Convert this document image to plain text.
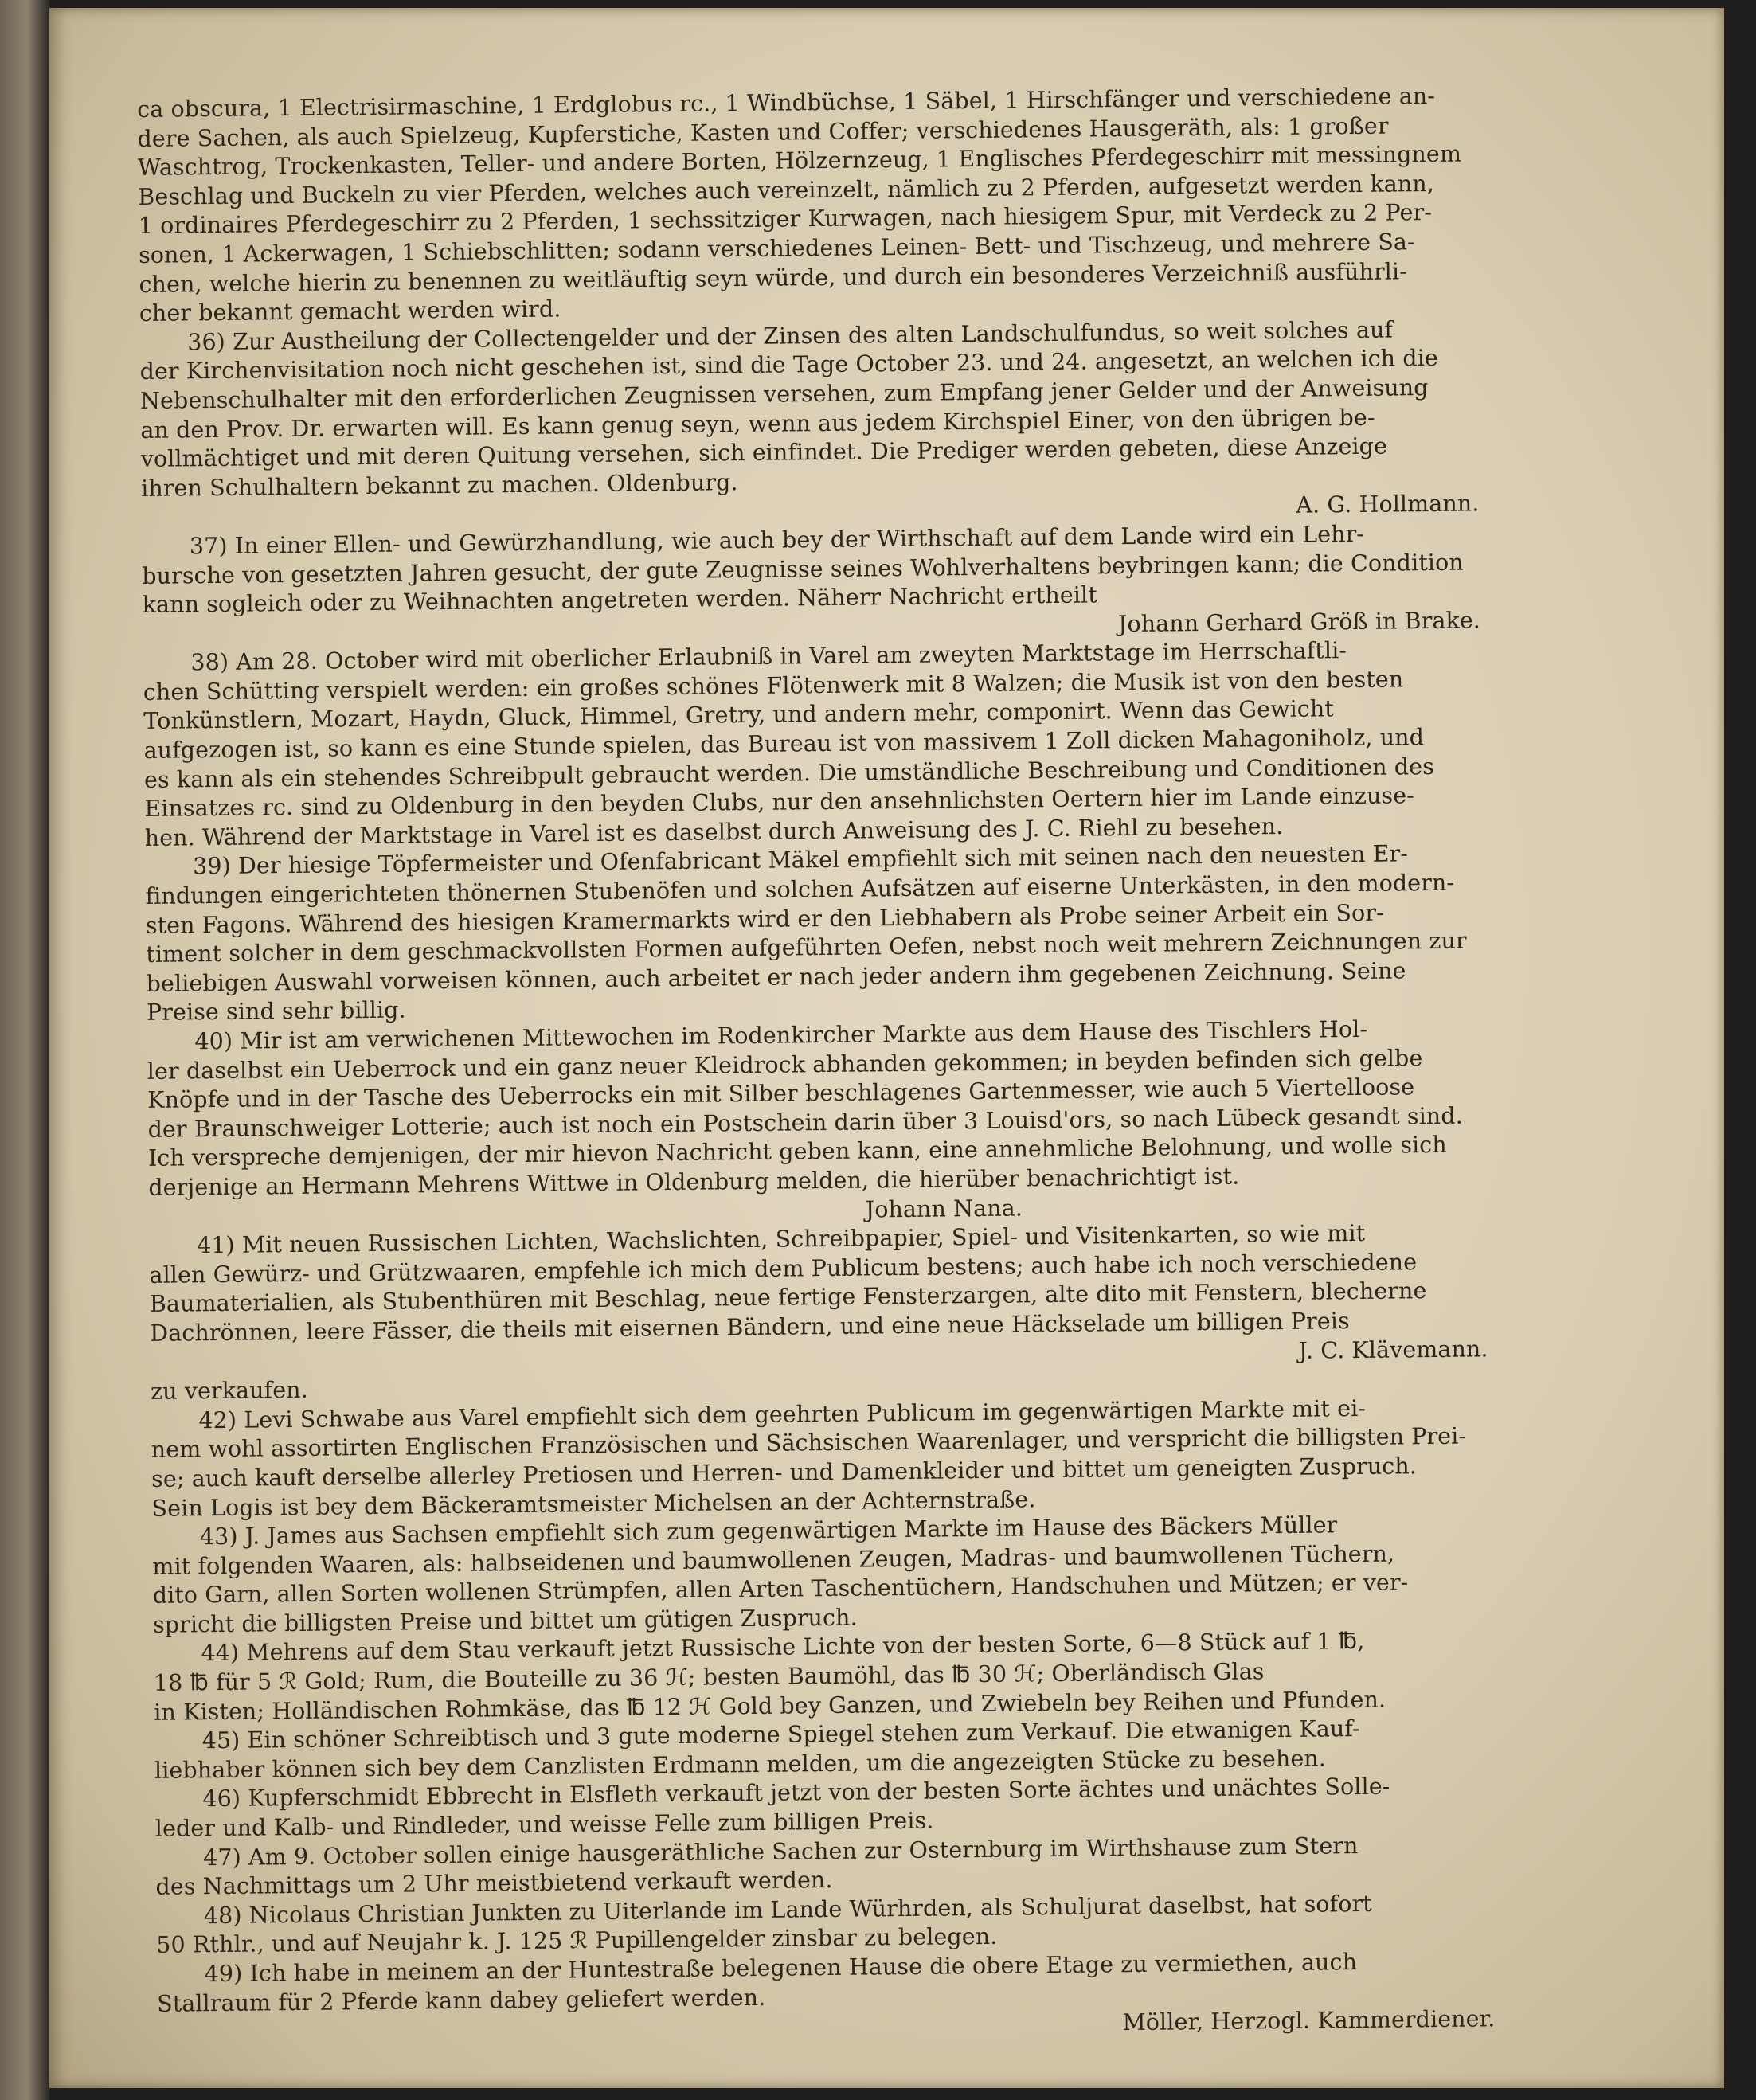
ca obscura, 1 Electrisirmaschine, 1 Erdglobus rc., 1 Windbüchse, 1 Säbel, 1 Hirschfänger und verschiedene an-
dere Sachen, als auch Spielzeug, Kupferstiche, Kasten und Coffer; verschiedenes Hausgeräth, als: 1 großer
Waschtrog, Trockenkasten, Teller- und andere Borten, Hölzernzeug, 1 Englisches Pferdegeschirr mit messingnem
Beschlag und Buckeln zu vier Pferden, welches auch vereinzelt, nämlich zu 2 Pferden, aufgesetzt werden kann,
1 ordinaires Pferdegeschirr zu 2 Pferden, 1 sechssitziger Kurwagen, nach hiesigem Spur, mit Verdeck zu 2 Per-
sonen, 1 Ackerwagen, 1 Schiebschlitten; sodann verschiedenes Leinen- Bett- und Tischzeug, und mehrere Sa-
chen, welche hierin zu benennen zu weitläuftig seyn würde, und durch ein besonderes Verzeichniß ausführli-
cher bekannt gemacht werden wird.
36) Zur Austheilung der Collectengelder und der Zinsen des alten Landschulfundus, so weit solches auf
der Kirchenvisitation noch nicht geschehen ist, sind die Tage October 23. und 24. angesetzt, an welchen ich die
Nebenschulhalter mit den erforderlichen Zeugnissen versehen, zum Empfang jener Gelder und der Anweisung
an den Prov. Dr. erwarten will. Es kann genug seyn, wenn aus jedem Kirchspiel Einer, von den übrigen be-
vollmächtiget und mit deren Quitung versehen, sich einfindet. Die Prediger werden gebeten, diese Anzeige
ihren Schulhaltern bekannt zu machen. Oldenburg.
A. G. Hollmann.
37) In einer Ellen- und Gewürzhandlung, wie auch bey der Wirthschaft auf dem Lande wird ein Lehr-
bursche von gesetzten Jahren gesucht, der gute Zeugnisse seines Wohlverhaltens beybringen kann; die Condition
kann sogleich oder zu Weihnachten angetreten werden. Näherr Nachricht ertheilt
Johann Gerhard Größ in Brake.
38) Am 28. October wird mit oberlicher Erlaubniß in Varel am zweyten Marktstage im Herrschaftli-
chen Schütting verspielt werden: ein großes schönes Flötenwerk mit 8 Walzen; die Musik ist von den besten
Tonkünstlern, Mozart, Haydn, Gluck, Himmel, Gretry, und andern mehr, componirt. Wenn das Gewicht
aufgezogen ist, so kann es eine Stunde spielen, das Bureau ist von massivem 1 Zoll dicken Mahagoniholz, und
es kann als ein stehendes Schreibpult gebraucht werden. Die umständliche Beschreibung und Conditionen des
Einsatzes rc. sind zu Oldenburg in den beyden Clubs, nur den ansehnlichsten Oertern hier im Lande einzuse-
hen. Während der Marktstage in Varel ist es daselbst durch Anweisung des J. C. Riehl zu besehen.
39) Der hiesige Töpfermeister und Ofenfabricant Mäkel empfiehlt sich mit seinen nach den neuesten Er-
findungen eingerichteten thönernen Stubenöfen und solchen Aufsätzen auf eiserne Unterkästen, in den modern-
sten Fagons. Während des hiesigen Kramermarkts wird er den Liebhabern als Probe seiner Arbeit ein Sor-
timent solcher in dem geschmackvollsten Formen aufgeführten Oefen, nebst noch weit mehrern Zeichnungen zur
beliebigen Auswahl vorweisen können, auch arbeitet er nach jeder andern ihm gegebenen Zeichnung. Seine
Preise sind sehr billig.
40) Mir ist am verwichenen Mittewochen im Rodenkircher Markte aus dem Hause des Tischlers Hol-
ler daselbst ein Ueberrock und ein ganz neuer Kleidrock abhanden gekommen; in beyden befinden sich gelbe
Knöpfe und in der Tasche des Ueberrocks ein mit Silber beschlagenes Gartenmesser, wie auch 5 Viertelloose
der Braunschweiger Lotterie; auch ist noch ein Postschein darin über 3 Louisd'ors, so nach Lübeck gesandt sind.
Ich verspreche demjenigen, der mir hievon Nachricht geben kann, eine annehmliche Belohnung, und wolle sich
derjenige an Hermann Mehrens Wittwe in Oldenburg melden, die hierüber benachrichtigt ist.
Johann Nana.
41) Mit neuen Russischen Lichten, Wachslichten, Schreibpapier, Spiel- und Visitenkarten, so wie mit
allen Gewürz- und Grützwaaren, empfehle ich mich dem Publicum bestens; auch habe ich noch verschiedene
Baumaterialien, als Stubenthüren mit Beschlag, neue fertige Fensterzargen, alte dito mit Fenstern, blecherne
Dachrönnen, leere Fässer, die theils mit eisernen Bändern, und eine neue Häckselade um billigen Preis
J. C. Klävemann.
zu verkaufen.
42) Levi Schwabe aus Varel empfiehlt sich dem geehrten Publicum im gegenwärtigen Markte mit ei-
nem wohl assortirten Englischen Französischen und Sächsischen Waarenlager, und verspricht die billigsten Prei-
se; auch kauft derselbe allerley Pretiosen und Herren- und Damenkleider und bittet um geneigten Zuspruch.
Sein Logis ist bey dem Bäckeramtsmeister Michelsen an der Achternstraße.
43) J. James aus Sachsen empfiehlt sich zum gegenwärtigen Markte im Hause des Bäckers Müller
mit folgenden Waaren, als: halbseidenen und baumwollenen Zeugen, Madras- und baumwollenen Tüchern,
dito Garn, allen Sorten wollenen Strümpfen, allen Arten Taschentüchern, Handschuhen und Mützen; er ver-
spricht die billigsten Preise und bittet um gütigen Zuspruch.
44) Mehrens auf dem Stau verkauft jetzt Russische Lichte von der besten Sorte, 6—8 Stück auf 1 ℔,
18 ℔ für 5 ℛ Gold; Rum, die Bouteille zu 36 ℋ; besten Baumöhl, das ℔ 30 ℋ; Oberländisch Glas
in Kisten; Holländischen Rohmkäse, das ℔ 12 ℋ Gold bey Ganzen, und Zwiebeln bey Reihen und Pfunden.
45) Ein schöner Schreibtisch und 3 gute moderne Spiegel stehen zum Verkauf. Die etwanigen Kauf-
liebhaber können sich bey dem Canzlisten Erdmann melden, um die angezeigten Stücke zu besehen.
46) Kupferschmidt Ebbrecht in Elsfleth verkauft jetzt von der besten Sorte ächtes und unächtes Solle-
leder und Kalb- und Rindleder, und weisse Felle zum billigen Preis.
47) Am 9. October sollen einige hausgeräthliche Sachen zur Osternburg im Wirthshause zum Stern
des Nachmittags um 2 Uhr meistbietend verkauft werden.
48) Nicolaus Christian Junkten zu Uiterlande im Lande Würhrden, als Schuljurat daselbst, hat sofort
50 Rthlr., und auf Neujahr k. J. 125 ℛ Pupillengelder zinsbar zu belegen.
49) Ich habe in meinem an der Huntestraße belegenen Hause die obere Etage zu vermiethen, auch
Stallraum für 2 Pferde kann dabey geliefert werden.
Möller, Herzogl. Kammerdiener.
